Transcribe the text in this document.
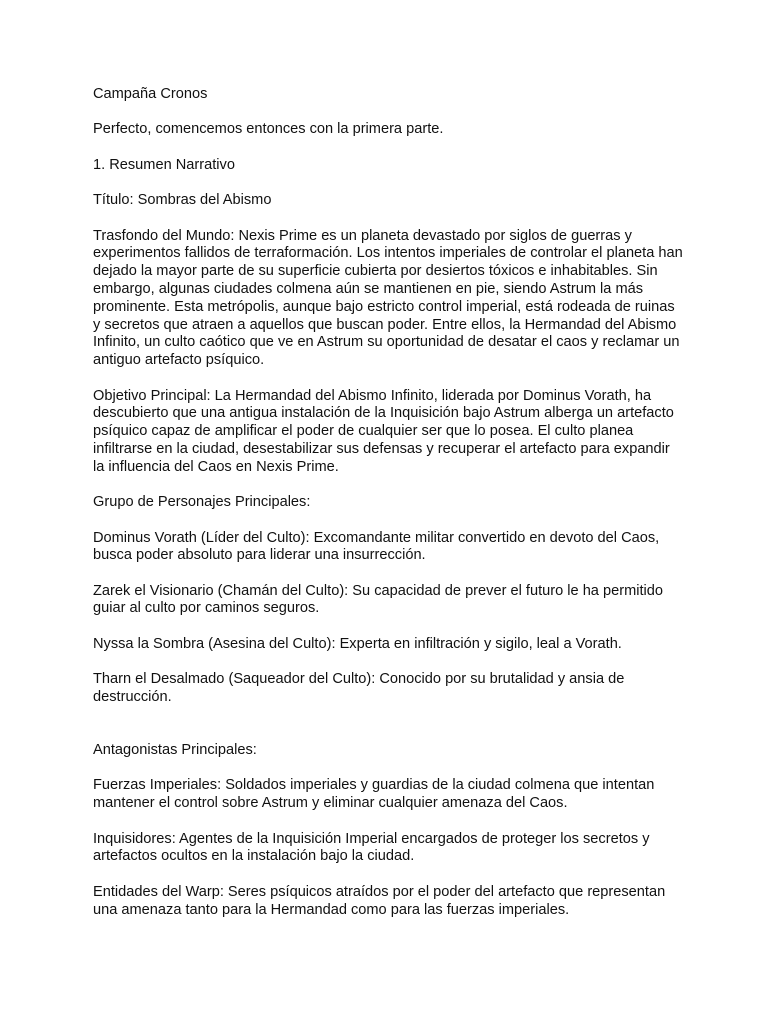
Campaña Cronos

Perfecto, comencemos entonces con la primera parte.

1. Resumen Narrativo

Título: Sombras del Abismo

Trasfondo del Mundo: Nexis Prime es un planeta devastado por siglos de guerras y experimentos fallidos de terraformación. Los intentos imperiales de controlar el planeta han dejado la mayor parte de su superficie cubierta por desiertos tóxicos e inhabitables. Sin embargo, algunas ciudades colmena aún se mantienen en pie, siendo Astrum la más prominente. Esta metrópolis, aunque bajo estricto control imperial, está rodeada de ruinas y secretos que atraen a aquellos que buscan poder. Entre ellos, la Hermandad del Abismo Infinito, un culto caótico que ve en Astrum su oportunidad de desatar el caos y reclamar un antiguo artefacto psíquico.

Objetivo Principal: La Hermandad del Abismo Infinito, liderada por Dominus Vorath, ha descubierto que una antigua instalación de la Inquisición bajo Astrum alberga un artefacto psíquico capaz de amplificar el poder de cualquier ser que lo posea. El culto planea infiltrarse en la ciudad, desestabilizar sus defensas y recuperar el artefacto para expandir la influencia del Caos en Nexis Prime.

Grupo de Personajes Principales:

Dominus Vorath (Líder del Culto): Excomandante militar convertido en devoto del Caos, busca poder absoluto para liderar una insurrección.

Zarek el Visionario (Chamán del Culto): Su capacidad de prever el futuro le ha permitido guiar al culto por caminos seguros.

Nyssa la Sombra (Asesina del Culto): Experta en infiltración y sigilo, leal a Vorath.

Tharn el Desalmado (Saqueador del Culto): Conocido por su brutalidad y ansia de destrucción.

Antagonistas Principales:

Fuerzas Imperiales: Soldados imperiales y guardias de la ciudad colmena que intentan mantener el control sobre Astrum y eliminar cualquier amenaza del Caos.

Inquisidores: Agentes de la Inquisición Imperial encargados de proteger los secretos y artefactos ocultos en la instalación bajo la ciudad.

Entidades del Warp: Seres psíquicos atraídos por el poder del artefacto que representan una amenaza tanto para la Hermandad como para las fuerzas imperiales.
